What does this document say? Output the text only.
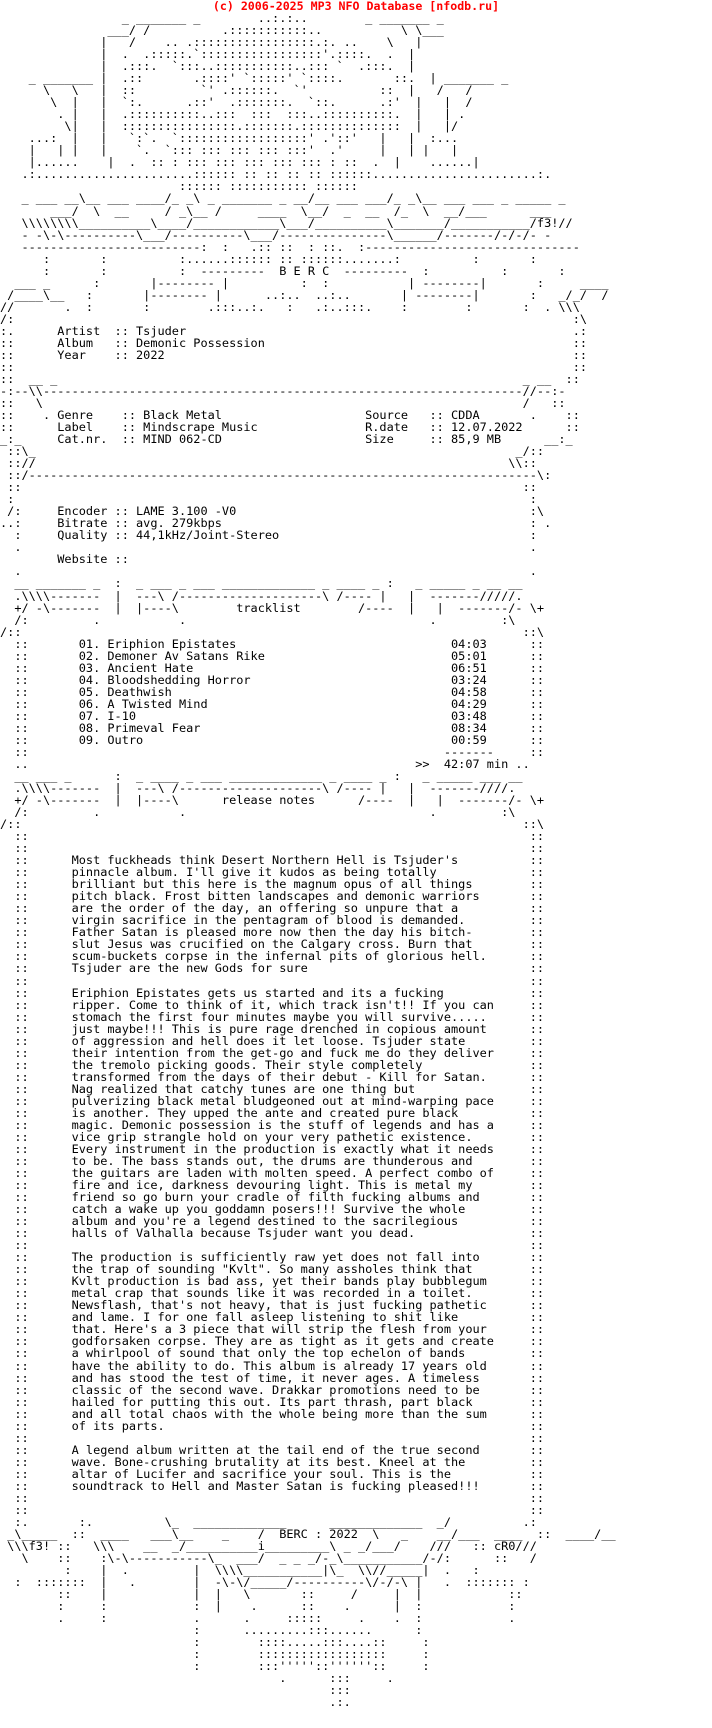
(c) 2006-2025 MP3 NFO Database [nfodb.ru]
_ _______ _        ..:.:..        _ _______ _
___/ /          .:::::::::::..           \ \___
|   /    .. .:::::::::::::::::.:. ..    \   |
|  .  .:::::.`:::::::::::::::::'.::::.  .  |
|  .:::.  `:::..:::::::::::..::: `  .:::.  |
_ _______ |  .::       .::::' `:::::' `::::.       ::.  | _______ _
\   \   |  ::         `' .::::::.  `'          ::  |   /   /
\  |   |  `:.      .::'  .:::::::.  `::.      .:'  |   |  /
. |   |  .::::::::::..:::  :::  :::..::::::::::.  |   | .
\|   |  ::::::::::::::::.:::::::.::::::::::::::  |   |/
...:  |   |   `:`.  `::::::::::::::::::' .'::'   |   |  :...
|   | |   |    `.  `::: ::: ::: ::: :::'  .'     |   | |   |
|......    |  .  :: : ::: ::: ::: ::: ::: : ::  .  |    ......|
.:......................:::::: :: :: :: :: ::::::.......................:.
:::::: ::::::::::: ::::::
_ ___ __\__ ___ ____/_ _\ _ _______ _ __/__ ___ ___/_ _\__ ___ ___ _ _____ _
___/  \  __     / _\__ /     ____  \__/  _  __  /_  \  __/___      ___
\\\\\\\\__________\____/____________\___/__________\_______/___________/f3!//
- -\-\----------\___/----------\___/---------------\______/-------/-/-/- -
-------------------------:  :   .:: ::  : ::.  :------------------------------
:       :          :......:::::: :: ::::::.......:          :       :
:       :          :  ---------  B E R C  ---------  :          :       :
___ _      :       |-------- |          :  :           | --------|       :     ____
/____\__   :       |-------- |      ..:..  ..:..       | --------|       :   _/_/  /
//       .  :       :        .:::..:.   :   .:..:::.    :        :       :  . \\\
/:                                                                              :\
:.      Artist  :: Tsjuder                                                      .:
::      Album   :: Demonic Possession                                           ::
::      Year    :: 2022                                                         ::
::                                                                              ::
::  __ _                                                                 _ __  ::
-:--\\-------------------------------------------------------------------//--:-
::   \                                                                   /   ::
::    . Genre    :: Black Metal                    Source   :: CDDA       .    ::
::      Label    :: Mindscrape Music               R.date   :: 12.07.2022      ::
_:_     Cat.nr.  :: MIND 062-CD                    Size     :: 85,9 MB      __:_
::\_                                                                   _/::
:://                                                                  \\::
::/-----------------------------------------------------------------------\:
::                                                                      ::
:                                                                        :
/:     Encoder :: LAME 3.100 -V0                                         :\
..:     Bitrate :: avg. 279kbps                                           : .
:     Quality :: 44,1kHz/Joint-Stereo                                   :
.                                                                       .
Website ::
.                                                                       .
__ _______ _  :  _ ___ _ ___ _____________ _ ____ _ :   _ _____ _ __ __
.\\\\-------  |  ---\ /--------------------\ /---- |   |  -------/////.
+/ -\-------  |  |----\        tracklist        /----  |   |  -------/- \+
/:         .           .                                  .         :\
/::                                                                      ::\
::       01. Eriphion Epistates                              04:03      ::
::       02. Demoner Av Satans Rike                          05:01      ::
::       03. Ancient Hate                                    06:51      ::
::       04. Bloodshedding Horror                            03:24      ::
::       05. Deathwish                                       04:58      ::
::       06. A Twisted Mind                                  04:29      ::
::       07. I-10                                            03:48      ::
::       08. Primeval Fear                                   08:34      ::
::       09. Outro                                           00:59      ::
::                                                          -------     ::
..                                                      >>  42:07 min ..
__ ___ _      :  _ ____ _ ___ _____________ _ ____ _ :   _ _____ ___ __
.\\\\-------  |  ---\ /--------------------\ /---- |   |  -------////.
+/ -\-------  |  |----\      release notes      /----  |   |  -------/- \+
/:         .           .                                  .         :\
/::                                                                      ::\
::                                                                      ::
::                                                                      ::
::      Most fuckheads think Desert Northern Hell is Tsjuder's          ::
::      pinnacle album. I'll give it kudos as being totally             ::
::      brilliant but this here is the magnum opus of all things        ::
::      pitch black. Frost bitten landscapes and demonic warriors       ::
::      are the order of the day, an offering so unpure that a          ::
::      virgin sacrifice in the pentagram of blood is demanded.         ::
::      Father Satan is pleased more now then the day his bitch-        ::
::      slut Jesus was crucified on the Calgary cross. Burn that        ::
::      scum-buckets corpse in the infernal pits of glorious hell.      ::
::      Tsjuder are the new Gods for sure                               ::
::                                                                      ::
::      Eriphion Epistates gets us started and its a fucking            ::
::      ripper. Come to think of it, which track isn't!! If you can     ::
::      stomach the first four minutes maybe you will survive.....      ::
::      just maybe!!! This is pure rage drenched in copious amount      ::
::      of aggression and hell does it let loose. Tsjuder state         ::
::      their intention from the get-go and fuck me do they deliver     ::
::      the tremolo picking goods. Their style completely               ::
::      transformed from the days of their debut - Kill for Satan.      ::
::      Nag realized that catchy tunes are one thing but                ::
::      pulverizing black metal bludgeoned out at mind-warping pace     ::
::      is another. They upped the ante and created pure black          ::
::      magic. Demonic possession is the stuff of legends and has a     ::
::      vice grip strangle hold on your very pathetic existence.        ::
::      Every instrument in the production is exactly what it needs     ::
::      to be. The bass stands out, the drums are thunderous and        ::
::      the guitars are laden with molten speed. A perfect combo of     ::
::      fire and ice, darkness devouring light. This is metal my        ::
::      friend so go burn your cradle of filth fucking albums and       ::
::      catch a wake up you goddamn posers!!! Survive the whole         ::
::      album and you're a legend destined to the sacrilegious          ::
::      halls of Valhalla because Tsjuder want you dead.                ::
::                                                                      ::
::      The production is sufficiently raw yet does not fall into       ::
::      the trap of sounding "Kvlt". So many assholes think that        ::
::      Kvlt production is bad ass, yet their bands play bubblegum      ::
::      metal crap that sounds like it was recorded in a toilet.        ::
::      Newsflash, that's not heavy, that is just fucking pathetic      ::
::      and lame. I for one fall asleep listening to shit like          ::
::      that. Here's a 3 piece that will strip the flesh from your      ::
::      godforsaken corpse. They are as tight as it gets and create     ::
::      a whirlpool of sound that only the top echelon of bands         ::
::      have the ability to do. This album is already 17 years old      ::
::      and has stood the test of time, it never ages. A timeless       ::
::      classic of the second wave. Drakkar promotions need to be       ::
::      hailed for putting this out. Its part thrash, part black        ::
::      and all total chaos with the whole being more than the sum      ::
::      of its parts.                                                   ::
::                                                                      ::
::      A legend album written at the tail end of the true second       ::
::      wave. Bone-crushing brutality at its best. Kneel at the         ::
::      altar of Lucifer and sacrifice your soul. This is the           ::
::      soundtrack to Hell and Master Satan is fucking pleased!!!       ::
::                                                                      ::
::                                                                      ::
:.       :.          \_  _____________      _____________  _/          .:
_\_____  ::  ____   ___\__    _    /  BERC : 2022  \   _    __/___  ____  ::  ____/__
\\\f3! ::   \\\    __  _/__________i_________\ _ _/___/    ///   :: cR0///
\    ::    :\-\-----------\_  ___/  _ _ _/-_\___________/-/:      ::   /
:    |  .         |  \\\\___________|\_  \\//_____|  .   :
:  :::::::  |   .        |  -\-\/_____/----------\/-/-\ |   .  ::::::: :
::    |            |  |   \       ::     /     |  |            ::
:     :            :  |    .      ::    .      |  :            :
.     :            .      .     :::::     .    .  :            .
:      .........:::......      :
:        ::::.....:::....::     :
:        ::::::::::::::::::     :
:        :::'''''::''''''::     :
.      :::     .
:::
.:.
